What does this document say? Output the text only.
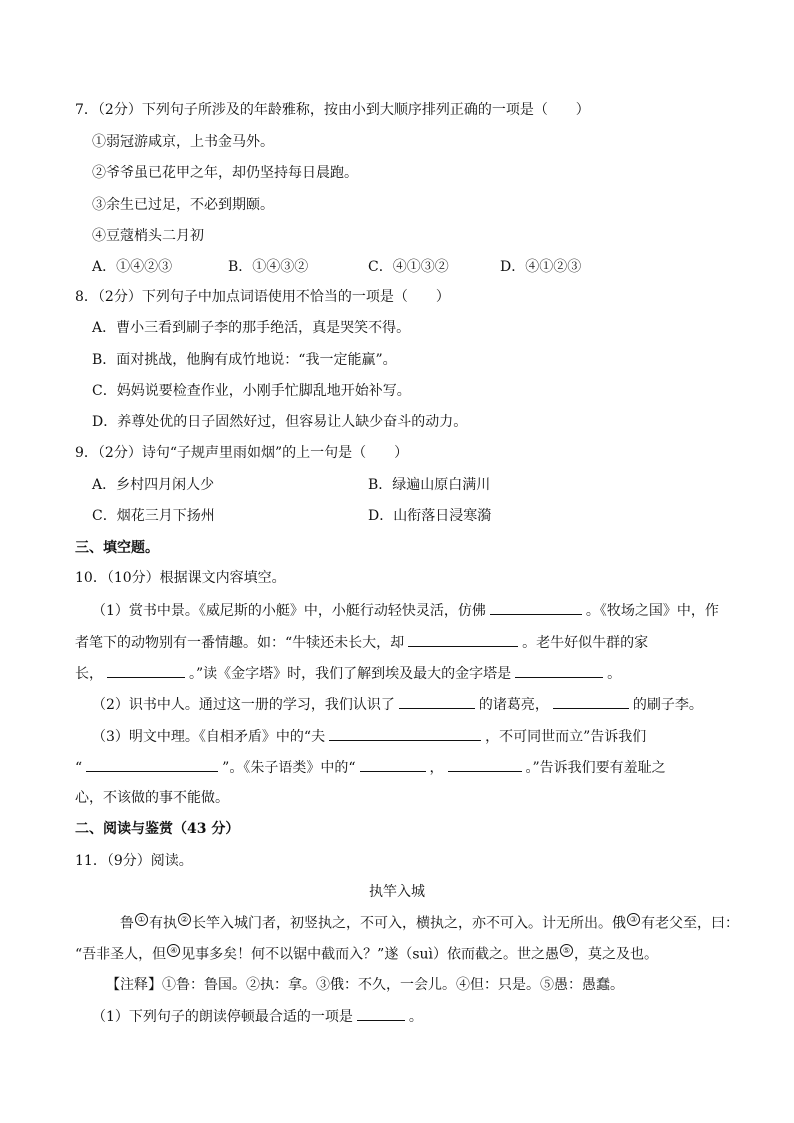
7．（2分）下列句子所涉及的年龄雅称，按由小到大顺序排列正确的一项是（　　）
①弱冠游咸京，上书金马外。
②爷爷虽已花甲之年，却仍坚持每日晨跑。
③余生已过足，不必到期颐。
④豆蔻梢头二月初
A．①④②③	B．①④③②	C．④①③②	D．④①②③
8．（2分）下列句子中加点词语使用不恰当的一项是（　　）
A．曹小三看到刷子李的那手绝活，真是哭笑不得。
B．面对挑战，他胸有成竹地说：“我一定能赢”。
C．妈妈说要检查作业，小刚手忙脚乱地开始补写。
D．养尊处优的日子固然好过，但容易让人缺少奋斗的动力。
9．（2分）诗句“子规声里雨如烟”的上一句是（　　）
A．乡村四月闲人少	B．绿遍山原白满川
C．烟花三月下扬州	D．山衔落日浸寒漪
三、填空题。
10．（10分）根据课文内容填空。
（1）赏书中景。《威尼斯的小艇》中，小艇行动轻快灵活，仿佛	。《牧场之国》中，作
者笔下的动物别有一番情趣。如：“牛犊还未长大，却	。老牛好似牛群的家
长，	。”读《金字塔》时，我们了解到埃及最大的金字塔是	。
（2）识书中人。通过这一册的学习，我们认识了	的诸葛亮，	的刷子李。
（3）明文中理。《自相矛盾》中的“夫	，不可同世而立”告诉我们
“	”。《朱子语类》中的“	，	。”告诉我们要有羞耻之
心，不该做的事不能做。
二、阅读与鉴赏（43 分）
11．（9分）阅读。
执竿入城
鲁 ① 有执 ② 长竿入城门者，初竖执之，不可入，横执之，亦不可入。计无所出。俄 ③ 有老父至，曰：
“吾非圣人，但 ④ 见事多矣！何不以锯中截而入？”遂（suì）依而截之。世之愚 ⑤ ，莫之及也。
【注释】①鲁：鲁国。②执：拿。③俄：不久，一会儿。④但：只是。⑤愚：愚蠢。
（1）下列句子的朗读停顿最合适的一项是	。
